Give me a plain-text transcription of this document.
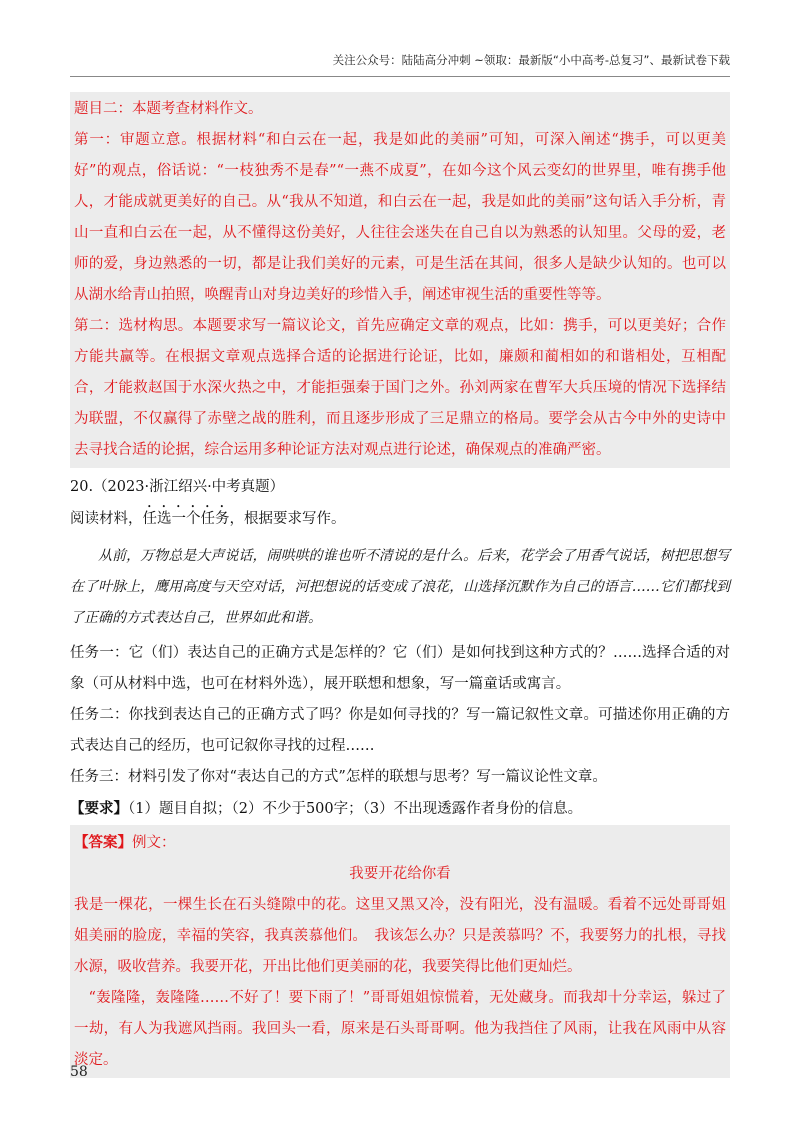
关注公众号：陆陆高分冲刺 ~领取：最新版“小中高考-总复习”、最新试卷下载

题目二：本题考查材料作文。

第一：审题立意。根据材料“和白云在一起，我是如此的美丽”可知，可深入阐述“携手，可以更美好”的观点，俗话说：“一枝独秀不是春”“一燕不成夏”，在如今这个风云变幻的世界里，唯有携手他人，才能成就更美好的自己。从“我从不知道，和白云在一起，我是如此的美丽”这句话入手分析，青山一直和白云在一起，从不懂得这份美好，人往往会迷失在自己自以为熟悉的认知里。父母的爱，老师的爱，身边熟悉的一切，都是让我们美好的元素，可是生活在其间，很多人是缺少认知的。也可以从湖水给青山拍照，唤醒青山对身边美好的珍惜入手，阐述审视生活的重要性等等。

第二：选材构思。本题要求写一篇议论文，首先应确定文章的观点，比如：携手，可以更美好；合作方能共赢等。在根据文章观点选择合适的论据进行论证，比如，廉颇和蔺相如的和谐相处，互相配合，才能救赵国于水深火热之中，才能拒强秦于国门之外。孙刘两家在曹军大兵压境的情况下选择结为联盟，不仅赢得了赤壁之战的胜利，而且逐步形成了三足鼎立的格局。要学会从古今中外的史诗中去寻找合适的论据，综合运用多种论证方法对观点进行论述，确保观点的准确严密。

20.（2023·浙江绍兴·中考真题）

阅读材料，任选一个任务，根据要求写作。

从前，万物总是大声说话，闹哄哄的谁也听不清说的是什么。后来，花学会了用香气说话，树把思想写在了叶脉上，鹰用高度与天空对话，河把想说的话变成了浪花，山选择沉默作为自己的语言……它们都找到了正确的方式表达自己，世界如此和谐。

任务一：它（们）表达自己的正确方式是怎样的？它（们）是如何找到这种方式的？……选择合适的对象（可从材料中选，也可在材料外选），展开联想和想象，写一篇童话或寓言。

任务二：你找到表达自己的正确方式了吗？你是如何寻找的？写一篇记叙性文章。可描述你用正确的方式表达自己的经历，也可记叙你寻找的过程……

任务三：材料引发了你对“表达自己的方式”怎样的联想与思考？写一篇议论性文章。

【要求】（1）题目自拟；（2）不少于500字；（3）不出现透露作者身份的信息。

【答案】例文：

我要开花给你看

我是一棵花，一棵生长在石头缝隙中的花。这里又黑又冷，没有阳光，没有温暖。看着不远处哥哥姐姐美丽的脸庞，幸福的笑容，我真羡慕他们。　我该怎么办？只是羡慕吗？不，我要努力的扎根，寻找水源，吸收营养。我要开花，开出比他们更美丽的花，我要笑得比他们更灿烂。

“轰隆隆，轰隆隆……不好了！要下雨了！”哥哥姐姐惊慌着，无处藏身。而我却十分幸运，躲过了一劫，有人为我遮风挡雨。我回头一看，原来是石头哥哥啊。他为我挡住了风雨，让我在风雨中从容淡定。

58
